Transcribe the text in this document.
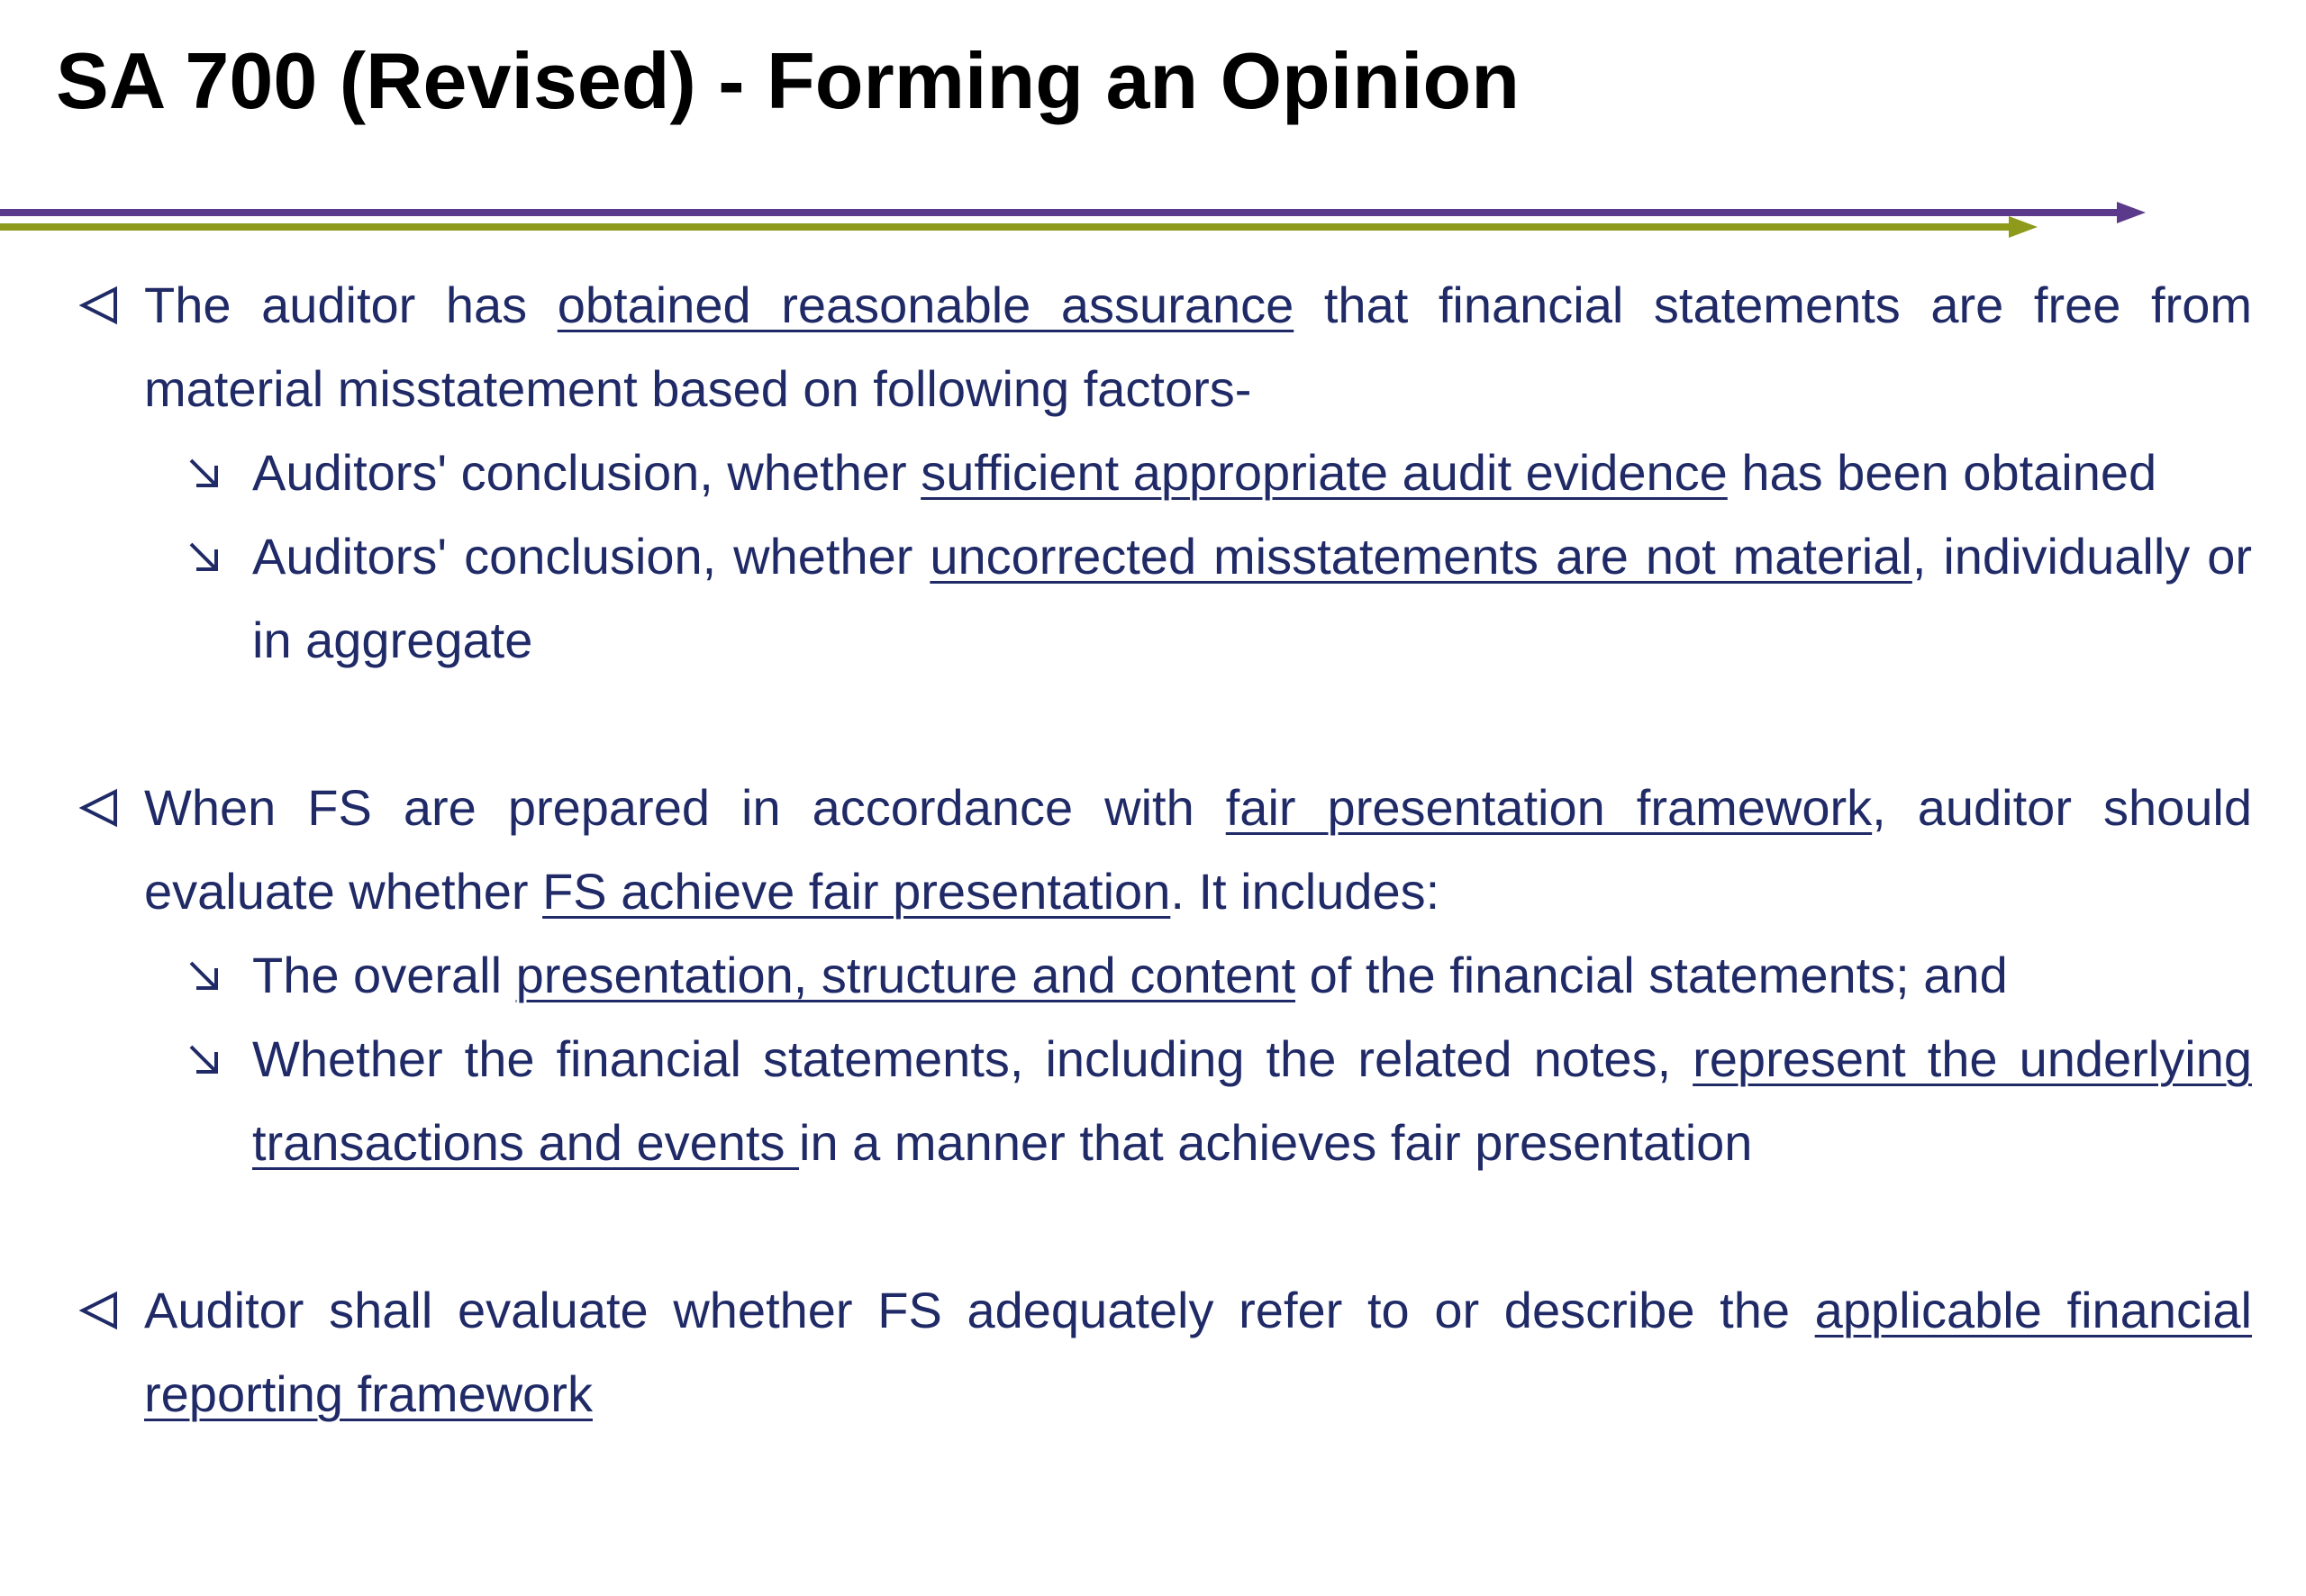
SA 700 (Revised) - Forming an Opinion
The auditor has obtained reasonable assurance that financial statements are free from material misstatement based on following factors-
Auditors' conclusion, whether sufficient appropriate audit evidence has been obtained
Auditors' conclusion, whether uncorrected misstatements are not material, individually or in aggregate
When FS are prepared in accordance with fair presentation framework, auditor should evaluate whether FS achieve fair presentation. It includes:
The overall presentation, structure and content of the financial statements; and
Whether the financial statements, including the related notes, represent the underlying transactions and events in a manner that achieves fair presentation
Auditor shall evaluate whether FS adequately refer to or describe the applicable financial reporting framework
